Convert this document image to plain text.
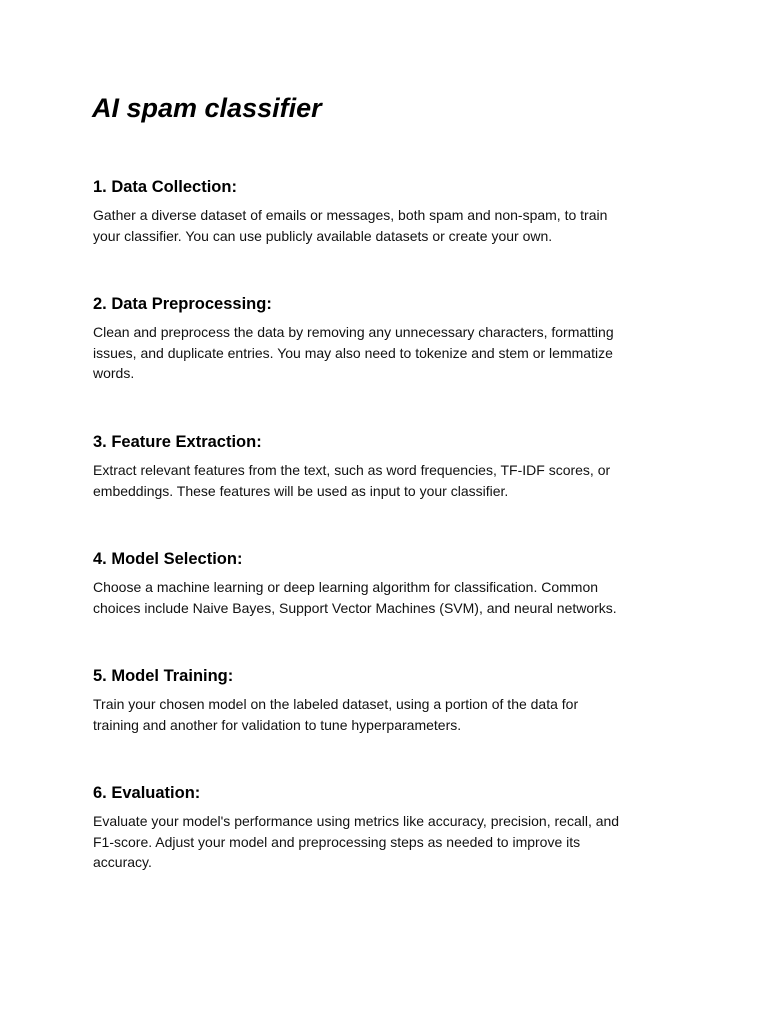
AI spam classifier
1. Data Collection:

Gather a diverse dataset of emails or messages, both spam and non-spam, to train
your classifier. You can use publicly available datasets or create your own.

2. Data Preprocessing:

Clean and preprocess the data by removing any unnecessary characters, formatting
issues, and duplicate entries. You may also need to tokenize and stem or lemmatize
words.

3. Feature Extraction:

Extract relevant features from the text, such as word frequencies, TF-IDF scores, or
embeddings. These features will be used as input to your classifier.

4. Model Selection:

Choose a machine learning or deep learning algorithm for classification. Common
choices include Naive Bayes, Support Vector Machines (SVM), and neural networks.

5. Model Training:

Train your chosen model on the labeled dataset, using a portion of the data for
training and another for validation to tune hyperparameters.

6. Evaluation:

Evaluate your model's performance using metrics like accuracy, precision, recall, and
F1-score. Adjust your model and preprocessing steps as needed to improve its
accuracy.
